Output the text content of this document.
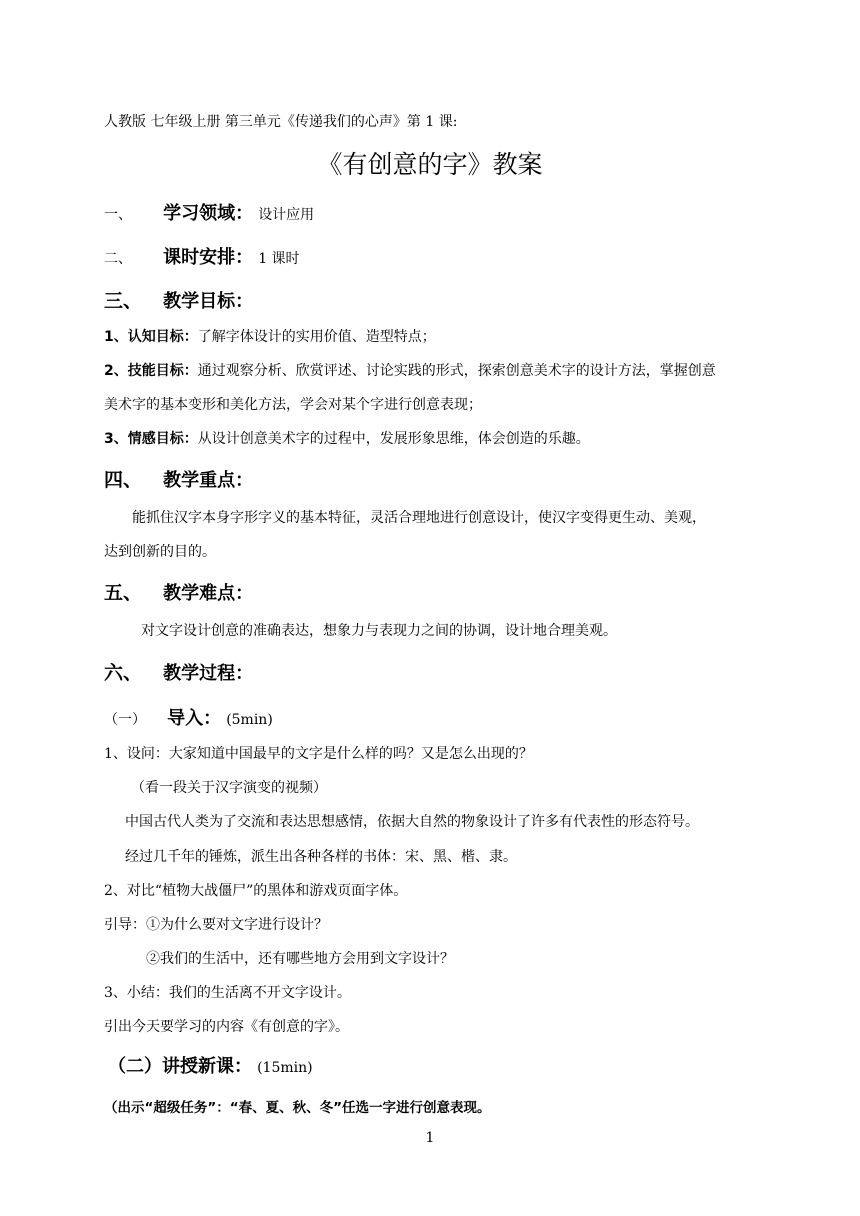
人教版 七年级上册 第三单元《传递我们的心声》第 1 课:
《有创意的字》教案
一、 学习领域： 设计应用
二、 课时安排： 1 课时
三、 教学目标：
1、认知目标：了解字体设计的实用价值、造型特点；
2、技能目标：通过观察分析、欣赏评述、讨论实践的形式，探索创意美术字的设计方法，掌握创意
美术字的基本变形和美化方法，学会对某个字进行创意表现；
3、情感目标：从设计创意美术字的过程中，发展形象思维，体会创造的乐趣。
四、 教学重点：
能抓住汉字本身字形字义的基本特征，灵活合理地进行创意设计，使汉字变得更生动、美观，
达到创新的目的。
五、 教学难点：
对文字设计创意的准确表达，想象力与表现力之间的协调，设计地合理美观。
六、 教学过程：
（一） 导入： (5min)
1、设问：大家知道中国最早的文字是什么样的吗？又是怎么出现的？
（看一段关于汉字演变的视频）
中国古代人类为了交流和表达思想感情，依据大自然的物象设计了许多有代表性的形态符号。
经过几千年的锤炼，派生出各种各样的书体：宋、黑、楷、隶。
2、对比“植物大战僵尸”的黑体和游戏页面字体。
引导：①为什么要对文字进行设计？
②我们的生活中，还有哪些地方会用到文字设计？
3、小结：我们的生活离不开文字设计。
引出今天要学习的内容《有创意的字》。
（二）讲授新课： (15min)
（出示“超级任务”：“春、夏、秋、冬”任选一字进行创意表现。
1
